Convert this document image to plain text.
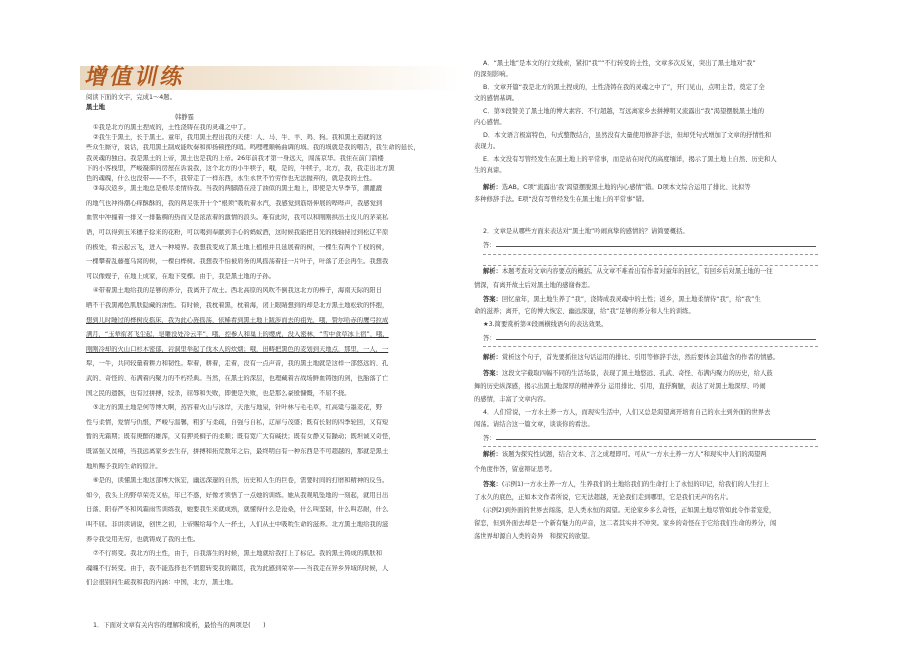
增值训练
阅读下面的文字，完成1～4题。
黑土地
韩静霆
①我是北方的黑土捏成的，土性浇铸在我的灵魂之中了。
②我生于黑土，长于黑土。童年，我用黑土捏出我的天使：人、马、牛、羊、鸡、狗。我和黑土造就的这
些众生厮守，说话，我用黑土制成能吹奏和抑扬顿挫的哨。鸣哩哩顺畅曲调的埙。我的埙就是我的咽舌，我生命的延长，
我灵魂的独白。我是黑土的上帝，黑土也是我的上帝。26年前我才第一身远天，闯荡京华。我住在前门箭楼
下的小客栈里，严峻凝滞的房屋在诉说我，这个北方的小牛犊子，哦，是的，牛犊子，北方，我，我走出北方黑
色的魂魄，什么也没带——不不，我带走了一样东西，永生永世不竹劳作也无法抛弃的，就是我的土性。
③每次返乡，黑土地总是极尽柔情待我。当我的两脚踏在浸了油似的黑土地上，即使是大早季节，潮漉漉
的地气也冲得潮心痒酥酥的，我的两足张开十个“根须”吸吮着水汽，我感觉到筋络伸展的哔哔声，我感觉到
血管中冲撞着一排又一排黏稠的热而又是浓浓着的激情的浪头。难有此时，我可以和刚刚拱出土皮儿的茅菜私
语，可以得到玉米穗子捻来的花粉，可以喝到奉献到手心的蚂蚁酒，这时候我能把目光的线轴持过到松辽平原
的极处，看云起云飞，进入一种境界。我想我变成了黑土地上植根并且延展着的树，一棵生有两个丫杈的树，
一棵攀着乱藤蔓乌窝的树，一棵白桦树。我想我不怕被肩务的风摇荡着挂一片叶子，叶落了还会再生。我想我
可以像嫂子，在地上成家，在地下变棵。由于，我是黑土地的子孙。
④带着黑土地给我的足够的养分，我离开了故土。西北高原的风吹不倒我这北方的棒子，海南天际的阳日
晒不干我黑褐色肌肤隐藏的油性。有时候，我枕着黑，枕着海，闭上眼睛想到的却是北方黑土地松软的怀抱，
想到儿时睡过的桦树皮摇床，我为此心旌摇荡，依稀看到黑土地上跋涉而去的祖先，哦，赞尔哈赤的鹰弓拉成
满月，“玉辇衔茗飞尘起，皂雕没处冷云平”，哦，控参人和巢上的缨虎，没入密林，“雪中食草冰上宿”，哦，
刚刚冷却的火山口杉木密郁，岩洞里举起了伐木人的炊烟；哦，田畴把黑色的麦划到天地点，那里，一人，一
犁，一牛，共同较量着耕力和韧性。犁着，耕着，走着，没有一点声音，我的黑土地就是这样一部悠远的、孔
武的、奇怪的、布满着内聚力的不朽经典。当然，在黑土的深层，也理藏着古战场鲜血铸蚀的剑，也胎落了亡
国之民的遗骸，也有过拼搏，绞杀，屈辱和失败，即便是失败，也是那么豪殷慷慨，不屈不挠。
⑤北方的黑土地是何等博大啊，蒸容着火山与冰岸，天池与地泉，针叶林与毛毛草，红高粱与墨麦花，野
性与柔情，爱情与仇恨，严峻与温馨，粗犷与柔疏，自强与自私，辽扉与茂盛；既有长射的四季轮回，又有短
暂的无霜期；既有庚醉的雄浑，又有狎炎榈子的柔顺；既有宽广大有碱扶；既有女静又有躁动；既坦诚又奇怪，
既富强又贫瘠，当我远离家乡去生存，拼搏和拓荒数年之后，最终明白有一种东西是不可超越的，那就是黑土
地所赐予我的生命的原汁。
⑥是的，读懂黑土地这部博大恢宏，幽远深邃的自然，历史和人生的巨卷，需要时间的打磨和精神的反刍。
如今，我头上的野草荣壳又枯，年已不惑，好像才领悟了一点她的训练。她从我观吼坠地的一刻起，就用日出
日落、阳春严冬和风霜雨雪训练我，她要我生来就成熟，就懂得什么是沧桑，什么叫坚韧，什么叫忍耐，什么
叫不屈。非讲读请说，创世之初，上帝赐给每个人一抔土，人们从土中吸吮生命的滋养。北方黑土地给我的滋
养令我受用无穷，也就铸成了我的土性。
⑦不行将变。我北方的土性，由于，自我落生的时候，黑土地就给我打上了标记。我的黑土铸成的肌肤和
魂魄不行转变。由于，我不能选择也不情愿转变我的籍贯，我为此感到荣幸——当我走在异乡异域的时候，人
们会很别问生疏我和我的内涵：中国，北方，黑土地。
1．下面对文章有关内容的理解和赏析，最恰当的两项是(　　)
A．“黑土地”是本文的行文线索，紧扣“我”“不行转变的土性，文章多次反复，突出了黑土地对“我”
的深刻影响。
B．文章开篇“我是北方的黑土捏成的，土性浇铸在我的灵魂之中了”，开门见山，点明主旨，奠定了全
文的感情基调。
C．第⑤段赞美了黑土地的博大素容、不行超越，写远离家乡去拼搏明又流露出“我”渴望摆脱黑土地的
内心感情。
D．本文语言极富特色，句式整散结合，虽然没有大量使用修辞手法，但却凭句式增加了文章的抒情性和
表现力。
E．本文没有写管经发生在黑土地上的平常事，而是站在时代的高度缅详，揭示了黑土地上自然、历史和人
生的真谛。
解析：选AB。C项“流露出‘我’渴望摆脱黑土地的内心感情”错。D项本文综合运用了排比、比拟等
多种修辞手法。E项“没有写曾经发生在黑土地上的平常事”错。
2．文章是从哪些方面来表达对“黑土地”吟闹真挚的感情的？请简要概括。
答：
解析：本题考查对文章内容要点的概括。从文章不难看出有作者对童年的回忆，有回乡后对黑土地的一往
情深，有离开故土后对黑土地的感谢眷恋。
答案：回忆童年，黑土地生养了“我”，浇铸成我灵魂中的土性；返乡，黑土地柔情待“我”，给“我”生
命的滋养；离开，它的博大恢宏、幽远深邃，给“我”足够的养分和人生的训练。
★3.简要赏析第④段画横线语句的表达效果。
答：
解析：赏析这个句子，首先要抓住这句话运用的排比、引用等修辞手法，然后要体会其蕴含的作者的情感。
答案：这段文字截取四幅不同的生活场景，表现了黑土地悠远、孔武、奇怪、布满内聚力的历史，给人鼓
舞的历史纵深感，揭示出黑土地深厚的精神养分 运用排比、引用，直抒胸臆，表达了对黑土地深厚、吟闹
的感情，丰富了文章内容。
4．人们常说，一方水土养一方人，而现实生活中，人们又总是渴望离开培育自己的水土到外面的世界去
闯荡。请结合这一篇文章，谈谈你的看法。
答：
解析：该题为探究性试题，结合文本、言之成理即可。可从“一方水土养一方人”和现实中人们的渴望两
个角度作答，留意辩证思考。
答案：(示例1)一方水土养一方人，生养我们的土地给我们的生命打上了永恒的印记，给我们的人生打上
了永久的底色，正如本文作者所说，它无法超越，无论我们走到哪里，它是我们无声的名片。
(示例2)到外面的世界去闯荡，是人类永恒的渴望。无论家乡多么奇怪，正如黑土地尽管如此令作者宠爱，
留恋，但到外面去却是一个新有魅力的声音，这二者其实并不冲突。家乡的奇怪在于它给我们生命的养分，闯
荡世界却源自人类的奇异　和探究的欲望。
